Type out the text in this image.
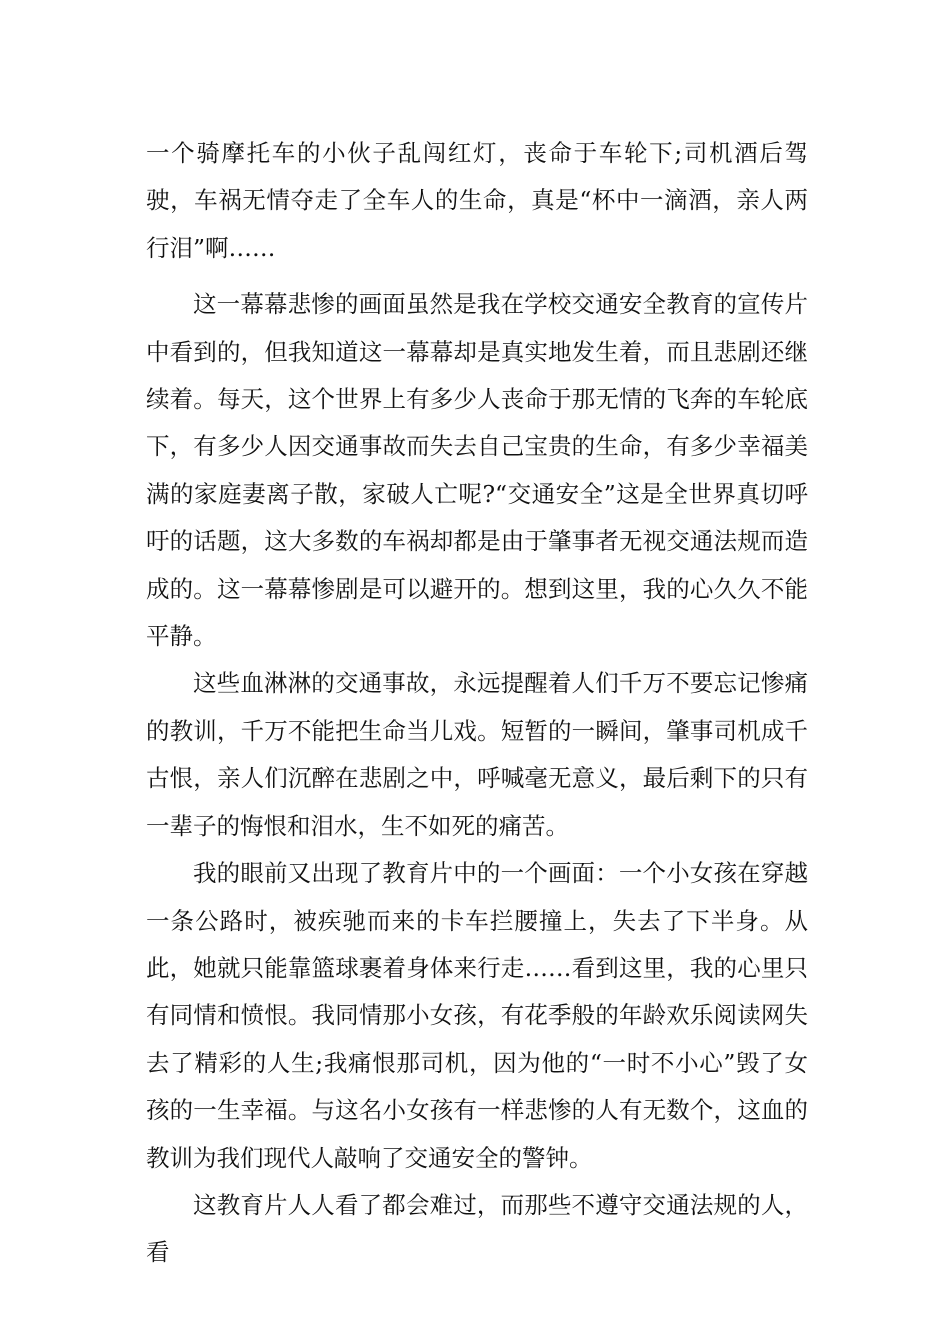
一个骑摩托车的小伙子乱闯红灯，丧命于车轮下;司机酒后驾驶，车祸无情夺走了全车人的生命，真是“杯中一滴酒，亲人两行泪”啊……

这一幕幕悲惨的画面虽然是我在学校交通安全教育的宣传片中看到的，但我知道这一幕幕却是真实地发生着，而且悲剧还继续着。每天，这个世界上有多少人丧命于那无情的飞奔的车轮底下，有多少人因交通事故而失去自己宝贵的生命，有多少幸福美满的家庭妻离子散，家破人亡呢?“交通安全”这是全世界真切呼吁的话题，这大多数的车祸却都是由于肇事者无视交通法规而造成的。这一幕幕惨剧是可以避开的。想到这里，我的心久久不能平静。

这些血淋淋的交通事故，永远提醒着人们千万不要忘记惨痛的教训，千万不能把生命当儿戏。短暂的一瞬间，肇事司机成千古恨，亲人们沉醉在悲剧之中，呼喊毫无意义，最后剩下的只有一辈子的悔恨和泪水，生不如死的痛苦。

我的眼前又出现了教育片中的一个画面：一个小女孩在穿越一条公路时，被疾驰而来的卡车拦腰撞上，失去了下半身。从此，她就只能靠篮球裹着身体来行走……看到这里，我的心里只有同情和愤恨。我同情那小女孩，有花季般的年龄欢乐阅读网失去了精彩的人生;我痛恨那司机，因为他的“一时不小心”毁了女孩的一生幸福。与这名小女孩有一样悲惨的人有无数个，这血的教训为我们现代人敲响了交通安全的警钟。

这教育片人人看了都会难过，而那些不遵守交通法规的人，看
